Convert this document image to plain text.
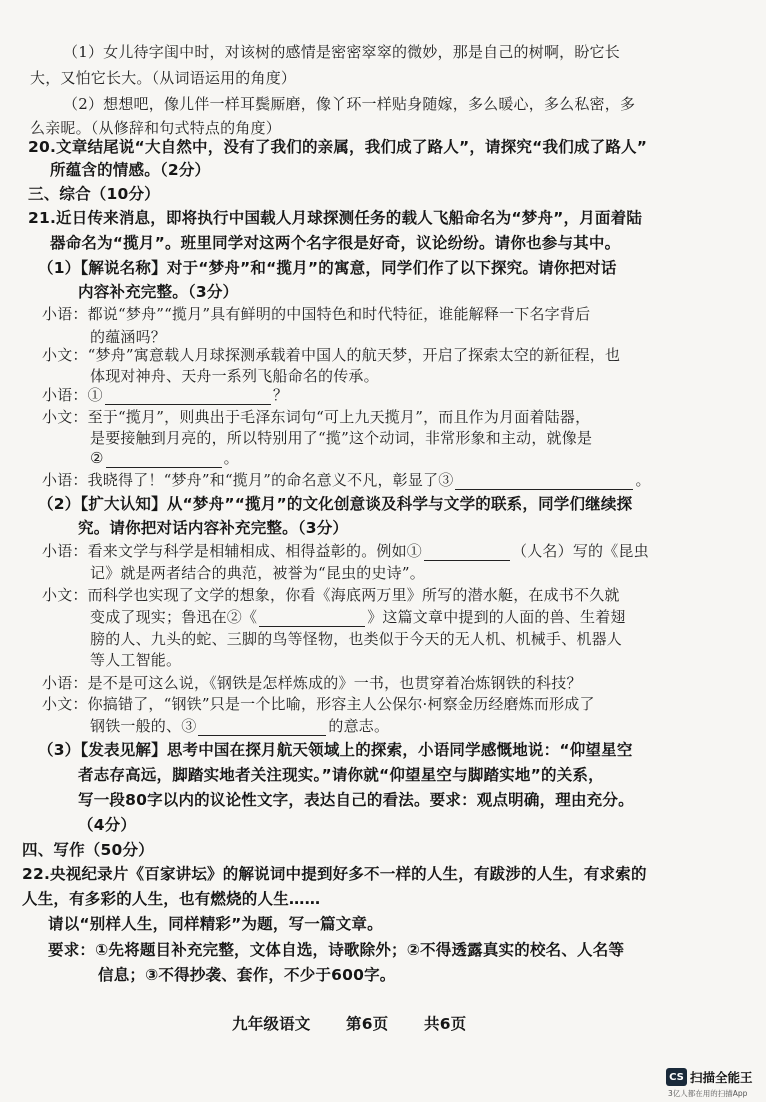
（1）女儿待字闺中时，对该树的感情是密密窣窣的微妙，那是自己的树啊，盼它长
大，又怕它长大。（从词语运用的角度）
（2）想想吧，像儿伴一样耳鬓厮磨，像丫环一样贴身随嫁，多么暖心，多么私密，多
么亲昵。（从修辞和句式特点的角度）
20.文章结尾说“大自然中，没有了我们的亲属，我们成了路人”，请探究“我们成了路人”
所蕴含的情感。（2分）
三、综合（10分）
21.近日传来消息，即将执行中国载人月球探测任务的载人飞船命名为“梦舟”，月面着陆
器命名为“揽月”。班里同学对这两个名字很是好奇，议论纷纷。请你也参与其中。
（1）【解说名称】对于“梦舟”和“揽月”的寓意，同学们作了以下探究。请你把对话
内容补充完整。（3分）
小语：都说“梦舟”“揽月”具有鲜明的中国特色和时代特征，谁能解释一下名字背后
的蕴涵吗？
小文：“梦舟”寓意载人月球探测承载着中国人的航天梦，开启了探索太空的新征程，也
体现对神舟、天舟一系列飞船命名的传承。
小语：①	？
小文：至于“揽月”，则典出于毛泽东词句“可上九天揽月”，而且作为月面着陆器，
是要接触到月亮的，所以特别用了“揽”这个动词，非常形象和主动，就像是
②	。
小语：我晓得了！“梦舟”和“揽月”的命名意义不凡，彰显了③	。
（2）【扩大认知】从“梦舟”“揽月”的文化创意谈及科学与文学的联系，同学们继续探
究。请你把对话内容补充完整。（3分）
小语：看来文学与科学是相辅相成、相得益彰的。例如①	（人名）写的《昆虫
记》就是两者结合的典范，被誉为“昆虫的史诗”。
小文：而科学也实现了文学的想象，你看《海底两万里》所写的潜水艇，在成书不久就
变成了现实；鲁迅在②《	》这篇文章中提到的人面的兽、生着翅
膀的人、九头的蛇、三脚的鸟等怪物，也类似于今天的无人机、机械手、机器人
等人工智能。
小语：是不是可这么说，《钢铁是怎样炼成的》一书，也贯穿着冶炼钢铁的科技？
小文：你搞错了，“钢铁”只是一个比喻，形容主人公保尔·柯察金历经磨炼而形成了
钢铁一般的、③	的意志。
（3）【发表见解】思考中国在探月航天领域上的探索，小语同学感慨地说：“仰望星空
者志存高远，脚踏实地者关注现实。”请你就“仰望星空与脚踏实地”的关系，
写一段80字以内的议论性文字，表达自己的看法。要求：观点明确，理由充分。
（4分）
四、写作（50分）
22.央视纪录片《百家讲坛》的解说词中提到好多不一样的人生，有跋涉的人生，有求索的
人生，有多彩的人生，也有燃烧的人生……
请以“别样人生，同样精彩”为题，写一篇文章。
要求：①先将题目补充完整，文体自选，诗歌除外；②不得透露真实的校名、人名等
信息；③不得抄袭、套作，不少于600字。
九年级语文 第6页 共6页
CS 扫描全能王
3亿人都在用的扫描App
